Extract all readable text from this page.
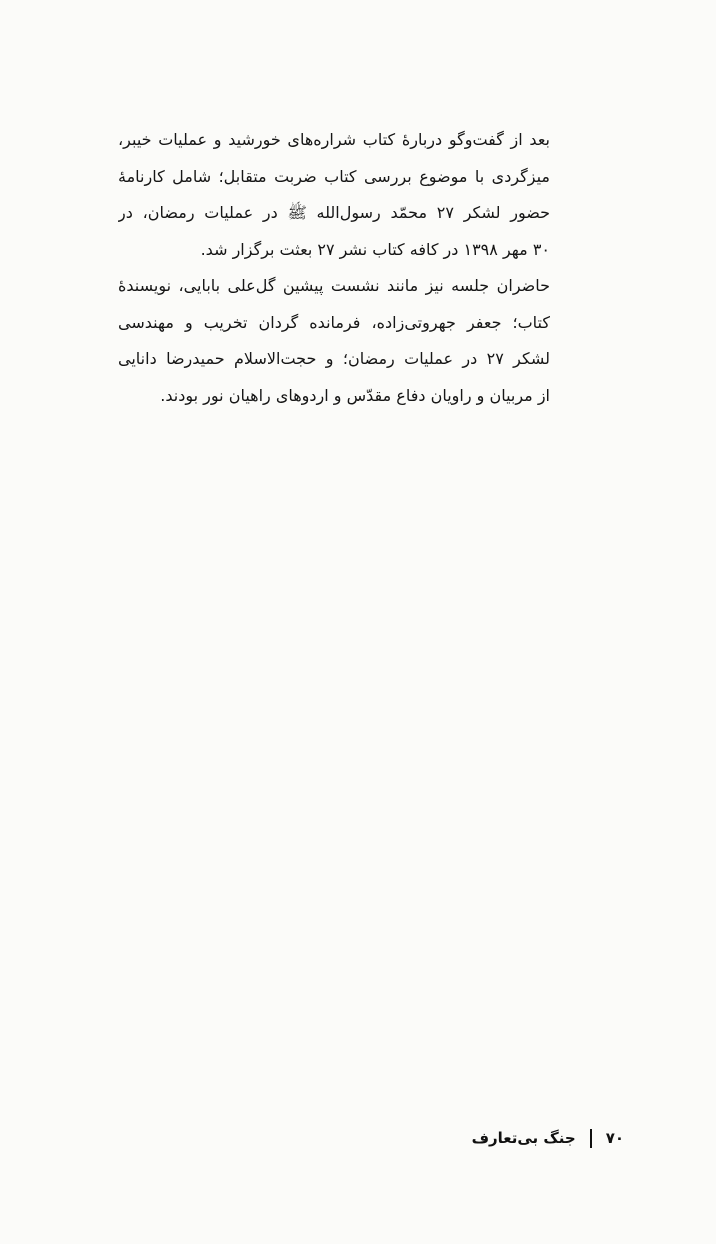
بعد از گفت‌وگو دربارهٔ کتاب شراره‌های خورشید و عملیات خیبر،
میزگردی با موضوع بررسی کتاب ضربت متقابل؛ شامل کارنامهٔ
حضور لشکر ۲۷ محمّد رسول‌الله ﷺ در عملیات رمضان، در
۳۰ مهر ۱۳۹۸ در کافه کتاب نشر ۲۷ بعثت برگزار شد.
حاضران جلسه نیز مانند نشست پیشین گل‌علی بابایی، نویسندهٔ
کتاب؛ جعفر جهروتی‌زاده، فرمانده گردان تخریب و مهندسی
لشکر ۲۷ در عملیات رمضان؛ و حجت‌الاسلام حمیدرضا دانایی
از مربیان و راویان دفاع مقدّس و اردوهای راهیان نور بودند.
۷۰
جنگ بی‌تعارف
